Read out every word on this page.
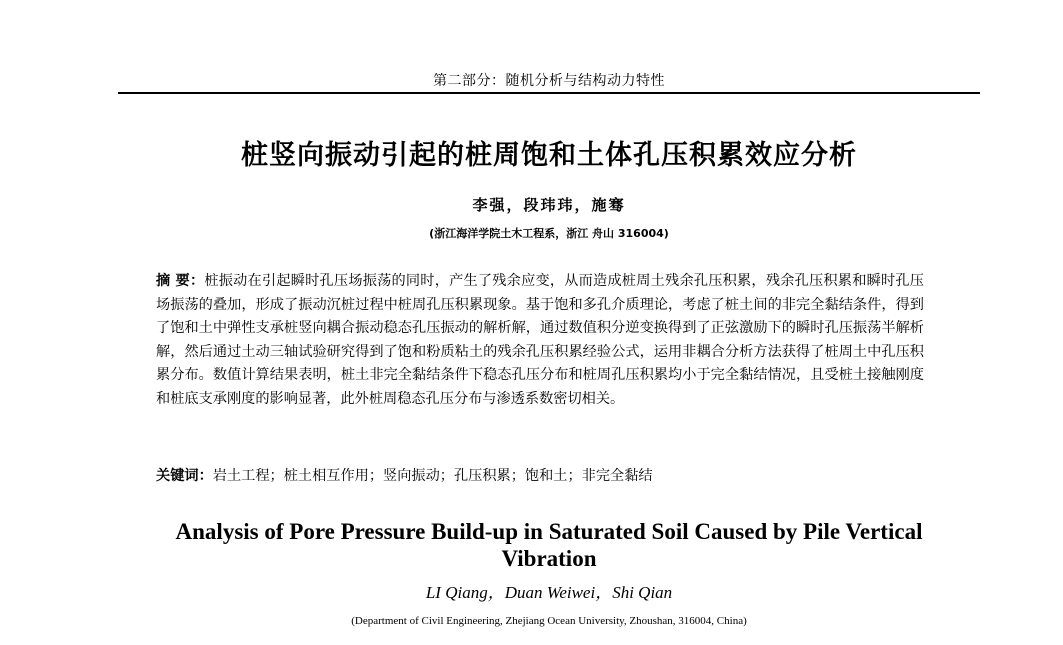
第二部分：随机分析与结构动力特性
桩竖向振动引起的桩周饱和土体孔压积累效应分析
李强，段玮玮，施骞
(浙江海洋学院土木工程系，浙江 舟山 316004)
摘 要：桩振动在引起瞬时孔压场振荡的同时，产生了残余应变，从而造成桩周土残余孔压积累，残余孔压积累和瞬时孔压场振荡的叠加，形成了振动沉桩过程中桩周孔压积累现象。基于饱和多孔介质理论，考虑了桩土间的非完全黏结条件，得到了饱和土中弹性支承桩竖向耦合振动稳态孔压振动的解析解，通过数值积分逆变换得到了正弦激励下的瞬时孔压振荡半解析解，然后通过土动三轴试验研究得到了饱和粉质粘土的残余孔压积累经验公式，运用非耦合分析方法获得了桩周土中孔压积累分布。数值计算结果表明，桩土非完全黏结条件下稳态孔压分布和桩周孔压积累均小于完全黏结情况，且受桩土接触刚度和桩底支承刚度的影响显著，此外桩周稳态孔压分布与渗透系数密切相关。
关键词：岩土工程；桩土相互作用；竖向振动；孔压积累；饱和土；非完全黏结
Analysis of Pore Pressure Build-up in Saturated Soil Caused by Pile Vertical Vibration
LI Qiang，Duan Weiwei，Shi Qian
(Department of Civil Engineering, Zhejiang Ocean University, Zhoushan, 316004, China)
